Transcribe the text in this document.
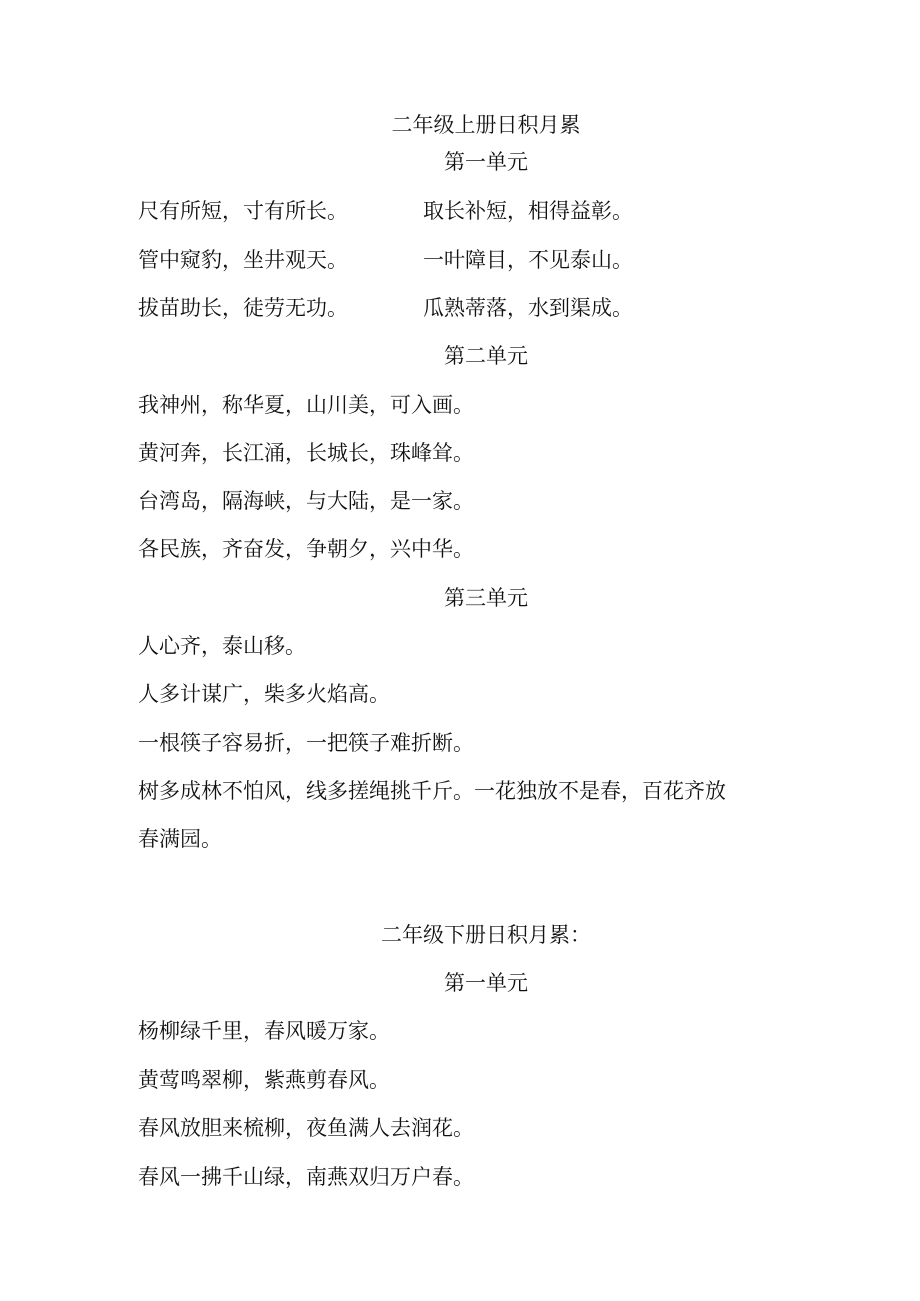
二年级上册日积月累
第一单元
尺有所短，寸有所长。	取长补短，相得益彰。
管中窥豹，坐井观天。	一叶障目，不见泰山。
拔苗助长，徒劳无功。	瓜熟蒂落，水到渠成。
第二单元
我神州，称华夏，山川美，可入画。
黄河奔，长江涌，长城长，珠峰耸。
台湾岛，隔海峡，与大陆，是一家。
各民族，齐奋发，争朝夕，兴中华。
第三单元
人心齐，泰山移。
人多计谋广，柴多火焰高。
一根筷子容易折，一把筷子难折断。
树多成林不怕风，线多搓绳挑千斤。一花独放不是春，百花齐放
春满园。
二年级下册日积月累：
第一单元
杨柳绿千里，春风暖万家。
黄莺鸣翠柳，紫燕剪春风。
春风放胆来梳柳，夜鱼满人去润花。
春风一拂千山绿，南燕双归万户春。
